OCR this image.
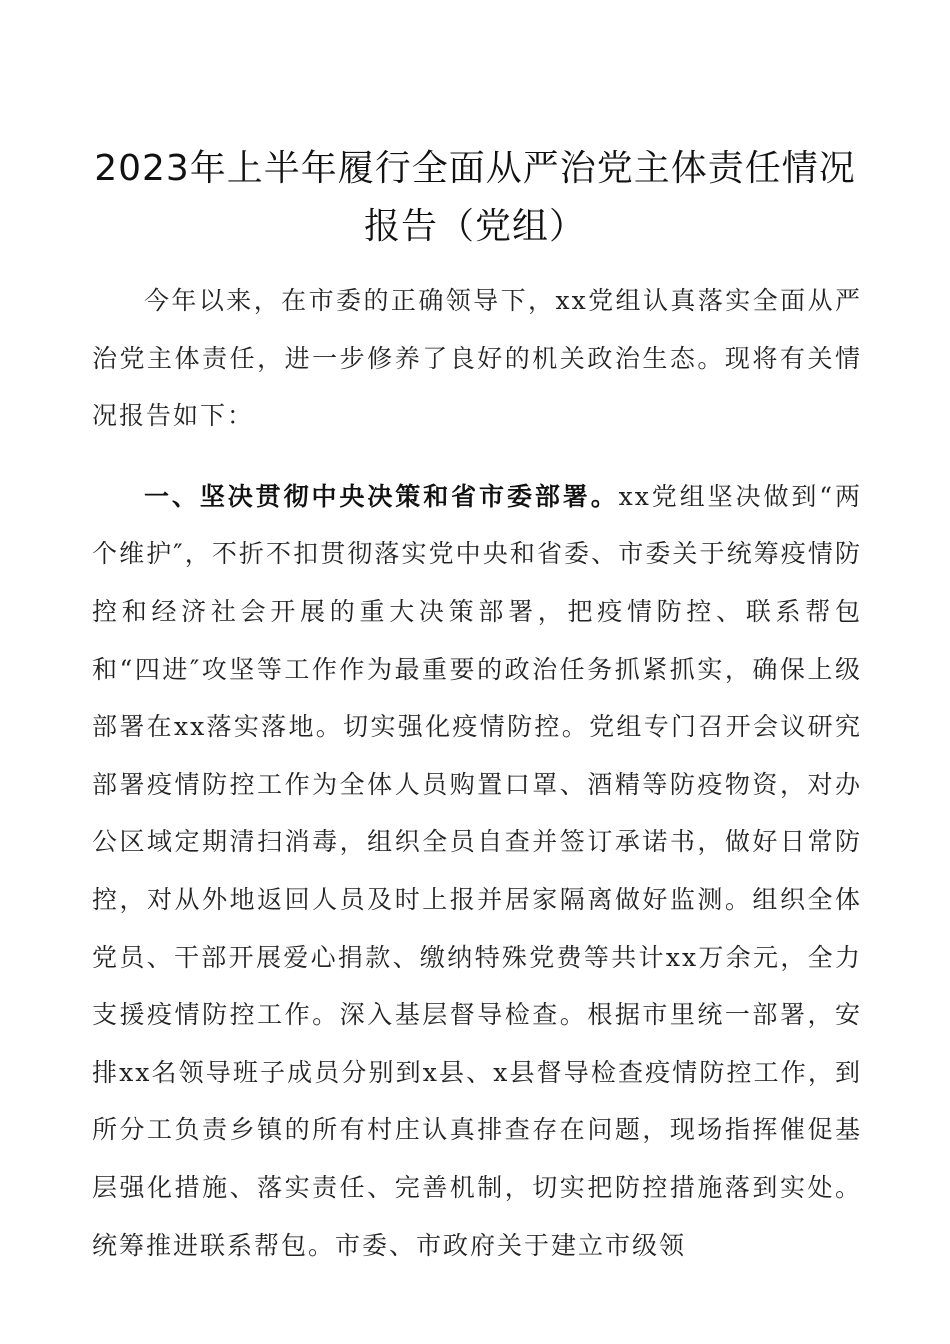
2023年上半年履行全面从严治党主体责任情况报告（党组）

今年以来，在市委的正确领导下，xx党组认真落实全面从严治党主体责任，进一步修养了良好的机关政治生态。现将有关情况报告如下：

一、坚决贯彻中央决策和省市委部署。xx党组坚决做到“两个维护″，不折不扣贯彻落实党中央和省委、市委关于统筹疫情防控和经济社会开展的重大决策部署，把疫情防控、联系帮包和“四进″攻坚等工作作为最重要的政治任务抓紧抓实，确保上级部署在xx落实落地。切实强化疫情防控。党组专门召开会议研究部署疫情防控工作为全体人员购置口罩、酒精等防疫物资，对办公区域定期清扫消毒，组织全员自查并签订承诺书，做好日常防控，对从外地返回人员及时上报并居家隔离做好监测。组织全体党员、干部开展爱心捐款、缴纳特殊党费等共计xx万余元，全力支援疫情防控工作。深入基层督导检查。根据市里统一部署，安排xx名领导班子成员分别到x县、x县督导检查疫情防控工作，到所分工负责乡镇的所有村庄认真排查存在问题，现场指挥催促基层强化措施、落实责任、完善机制，切实把防控措施落到实处。统筹推进联系帮包。市委、市政府关于建立市级领
